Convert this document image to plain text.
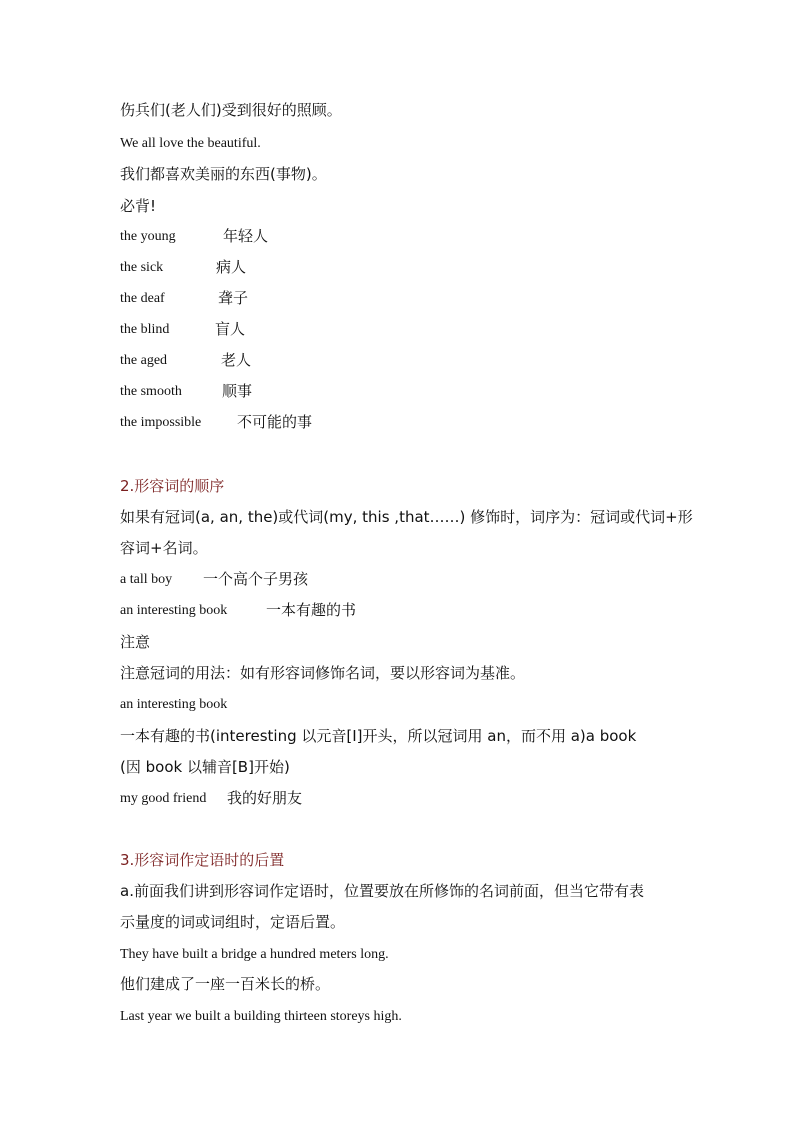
伤兵们(老人们)受到很好的照顾。
We all love the beautiful.
我们都喜欢美丽的东西(事物)。
必背!
the young	年轻人
the sick	病人
the deaf	聋子
the blind	盲人
the aged	老人
the smooth	顺事
the impossible 不可能的事
2.形容词的顺序
如果有冠词(a, an, the)或代词(my, this ,that……) 修饰时，词序为：冠词或代词+形
容词+名词。
a tall boy 一个高个子男孩
an interesting book	一本有趣的书
注意
注意冠词的用法：如有形容词修饰名词，要以形容词为基准。
an interesting book
一本有趣的书(interesting 以元音[I]开头，所以冠词用 an，而不用 a)a book
(因 book 以辅音[B]开始)
my good friend 我的好朋友
3.形容词作定语时的后置
a.前面我们讲到形容词作定语时，位置要放在所修饰的名词前面，但当它带有表
示量度的词或词组时，定语后置。
They have built a bridge a hundred meters long.
他们建成了一座一百米长的桥。
Last year we built a building thirteen storeys high.
